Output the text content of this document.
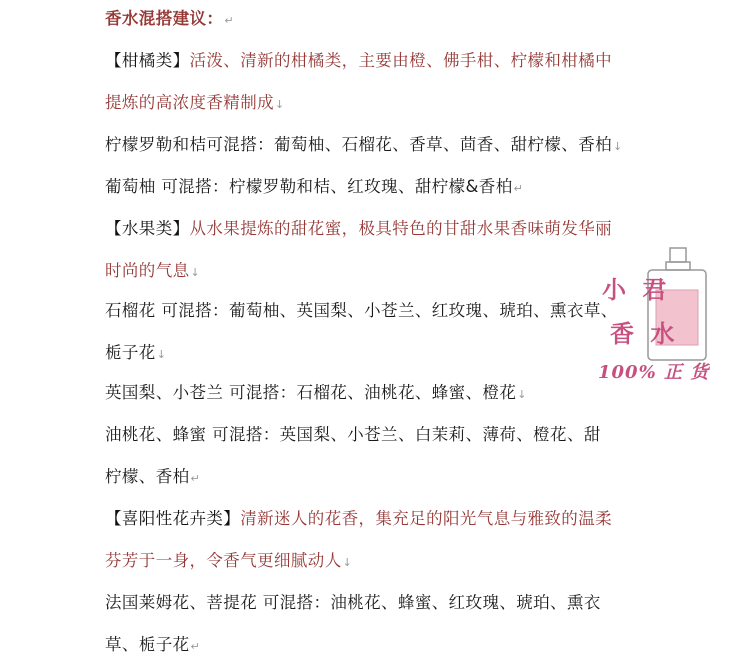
香水混搭建议：↵
【柑橘类】活泼、清新的柑橘类，主要由橙、佛手柑、柠檬和柑橘中
提炼的高浓度香精制成↓
柠檬罗勒和桔可混搭：葡萄柚、石榴花、香草、茴香、甜柠檬、香柏↓
葡萄柚 可混搭：柠檬罗勒和桔、红玫瑰、甜柠檬&香柏↵
【水果类】从水果提炼的甜花蜜，极具特色的甘甜水果香味萌发华丽
时尚的气息↓
石榴花 可混搭：葡萄柚、英国梨、小苍兰、红玫瑰、琥珀、熏衣草、
栀子花↓
英国梨、小苍兰 可混搭：石榴花、油桃花、蜂蜜、橙花↓
油桃花、蜂蜜 可混搭：英国梨、小苍兰、白茉莉、薄荷、橙花、甜
柠檬、香柏↵
【喜阳性花卉类】清新迷人的花香，集充足的阳光气息与雅致的温柔
芬芳于一身，令香气更细腻动人↓
法国莱姆花、菩提花 可混搭：油桃花、蜂蜜、红玫瑰、琥珀、熏衣
草、栀子花↵
小 君
香 水
100% 正 货
